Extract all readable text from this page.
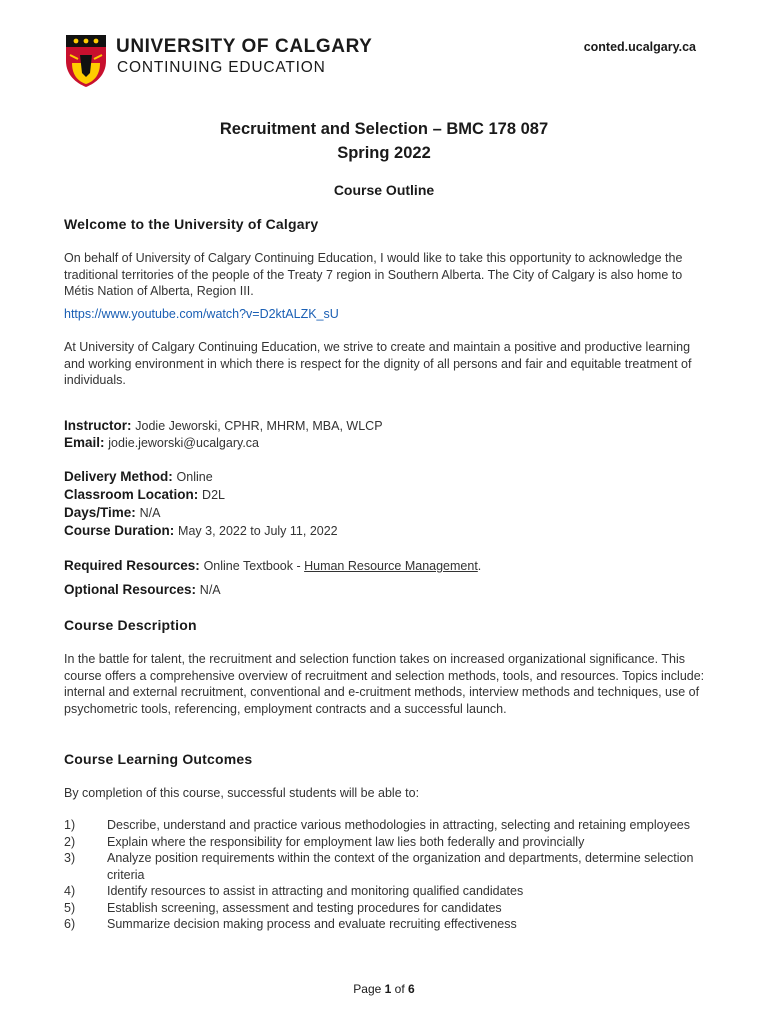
UNIVERSITY OF CALGARY
CONTINUING EDUCATION
conted.ucalgary.ca
Recruitment and Selection – BMC 178 087
Spring 2022
Course Outline
Welcome to the University of Calgary
On behalf of University of Calgary Continuing Education, I would like to take this opportunity to acknowledge the traditional territories of the people of the Treaty 7 region in Southern Alberta. The City of Calgary is also home to Métis Nation of Alberta, Region III.
https://www.youtube.com/watch?v=D2ktALZK_sU
At University of Calgary Continuing Education, we strive to create and maintain a positive and productive learning and working environment in which there is respect for the dignity of all persons and fair and equitable treatment of individuals.
Instructor: Jodie Jeworski, CPHR, MHRM, MBA, WLCP
Email: jodie.jeworski@ucalgary.ca
Delivery Method: Online
Classroom Location: D2L
Days/Time: N/A
Course Duration: May 3, 2022 to July 11, 2022
Required Resources: Online Textbook - Human Resource Management.
Optional Resources: N/A
Course Description
In the battle for talent, the recruitment and selection function takes on increased organizational significance. This course offers a comprehensive overview of recruitment and selection methods, tools, and resources. Topics include: internal and external recruitment, conventional and e-cruitment methods, interview methods and techniques, use of psychometric tools, referencing, employment contracts and a successful launch.
Course Learning Outcomes
By completion of this course, successful students will be able to:
1)	Describe, understand and practice various methodologies in attracting, selecting and retaining employees
2)	Explain where the responsibility for employment law lies both federally and provincially
3)	Analyze position requirements within the context of the organization and departments, determine selection criteria
4)	Identify resources to assist in attracting and monitoring qualified candidates
5)	Establish screening, assessment and testing procedures for candidates
6)	Summarize decision making process and evaluate recruiting effectiveness
Page 1 of 6
